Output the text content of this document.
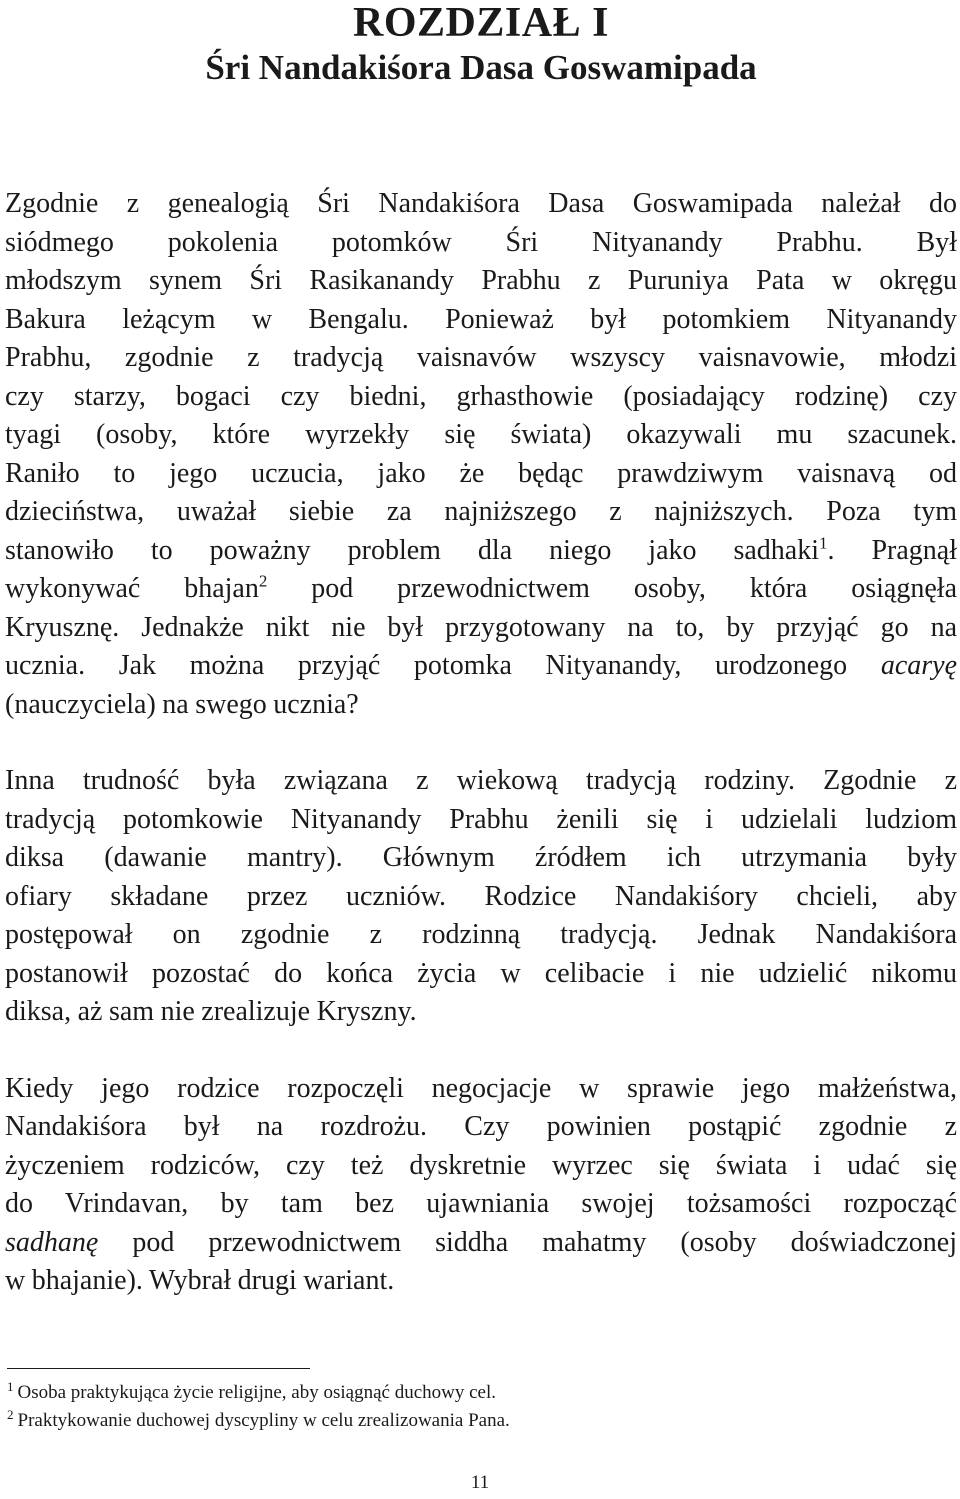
ROZDZIAŁ I
Śri Nandakiśora Dasa Goswamipada

Zgodnie z genealogią Śri Nandakiśora Dasa Goswamipada należał do
siódmego pokolenia potomków Śri Nityanandy Prabhu. Był
młodszym synem Śri Rasikanandy Prabhu z Puruniya Pata w okręgu
Bakura leżącym w Bengalu. Ponieważ był potomkiem Nityanandy
Prabhu, zgodnie z tradycją vaisnavów wszyscy vaisnavowie, młodzi
czy starzy, bogaci czy biedni, grhasthowie (posiadający rodzinę) czy
tyagi (osoby, które wyrzekły się świata) okazywali mu szacunek.
Raniło to jego uczucia, jako że będąc prawdziwym vaisnavą od
dzieciństwa, uważał siebie za najniższego z najniższych. Poza tym
stanowiło to poważny problem dla niego jako sadhaki$^1$. Pragnął
wykonywać bhajan$^2$ pod przewodnictwem osoby, która osiągnęła
Kryusznę. Jednakże nikt nie był przygotowany na to, by przyjąć go na
ucznia. Jak można przyjąć potomka Nityanandy, urodzonego acaryę
(nauczyciela) na swego ucznia?

Inna trudność była związana z wiekową tradycją rodziny. Zgodnie z
tradycją potomkowie Nityanandy Prabhu żenili się i udzielali ludziom
diksa (dawanie mantry). Głównym źródłem ich utrzymania były
ofiary składane przez uczniów. Rodzice Nandakiśory chcieli, aby
postępował on zgodnie z rodzinną tradycją. Jednak Nandakiśora
postanowił pozostać do końca życia w celibacie i nie udzielić nikomu
diksa, aż sam nie zrealizuje Kryszny.

Kiedy jego rodzice rozpoczęli negocjacje w sprawie jego małżeństwa,
Nandakiśora był na rozdrożu. Czy powinien postąpić zgodnie z
życzeniem rodziców, czy też dyskretnie wyrzec się świata i udać się
do Vrindavan, by tam bez ujawniania swojej tożsamości rozpocząć
sadhanę pod przewodnictwem siddha mahatmy (osoby doświadczonej
w bhajanie). Wybrał drugi wariant.

$^1$ Osoba praktykująca życie religijne, aby osiągnąć duchowy cel.

$^2$ Praktykowanie duchowej dyscypliny w celu zrealizowania Pana.

11
